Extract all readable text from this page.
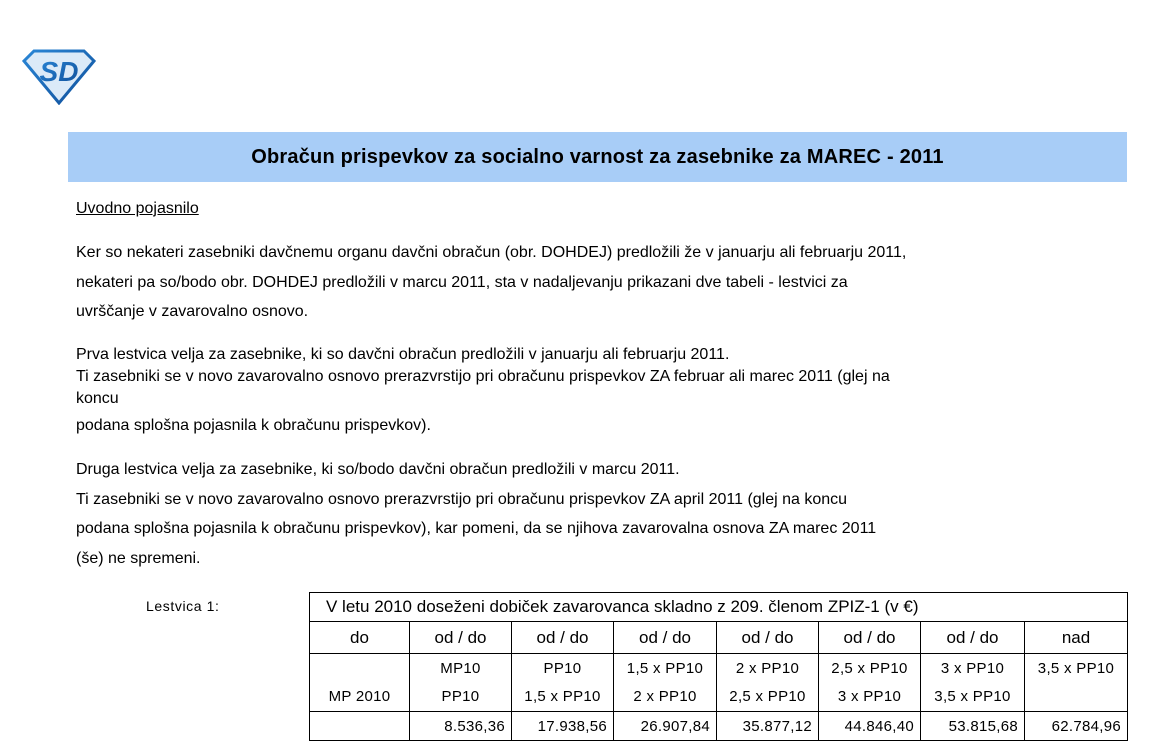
SD
Obračun prispevkov za socialno varnost za zasebnike za MAREC - 2011
Uvodno pojasnilo
Ker so nekateri zasebniki davčnemu organu davčni obračun (obr. DOHDEJ) predložili že v januarju ali februarju 2011,
nekateri pa so/bodo obr. DOHDEJ predložili v marcu 2011, sta v nadaljevanju prikazani dve tabeli - lestvici za
uvrščanje v zavarovalno osnovo.
Prva lestvica velja za zasebnike, ki so davčni obračun predložili v januarju ali februarju 2011.
Ti zasebniki se v novo zavarovalno osnovo prerazvrstijo pri obračunu prispevkov ZA februar ali marec 2011 (glej na
koncu
podana splošna pojasnila k obračunu prispevkov).
Druga lestvica velja za zasebnike, ki so/bodo davčni obračun predložili v marcu 2011.
Ti zasebniki se v novo zavarovalno osnovo prerazvrstijo pri obračunu prispevkov ZA april 2011 (glej na koncu
podana splošna pojasnila k obračunu prispevkov), kar pomeni, da se njihova zavarovalna osnova ZA marec 2011
(še) ne spremeni.
Lestvica 1:	V letu 2010 doseženi dobiček zavarovanca skladno z 209. členom ZPIZ-1 (v €)							
do	od / do	od / do	od / do	od / do	od / do	od / do	nad
	MP10	PP10	1,5 x PP10	2 x PP10	2,5 x PP10	3 x PP10	3,5 x PP10
MP 2010	PP10	1,5 x PP10	2 x PP10	2,5 x PP10	3 x PP10	3,5 x PP10	
	8.536,36	17.938,56	26.907,84	35.877,12	44.846,40	53.815,68	62.784,96
